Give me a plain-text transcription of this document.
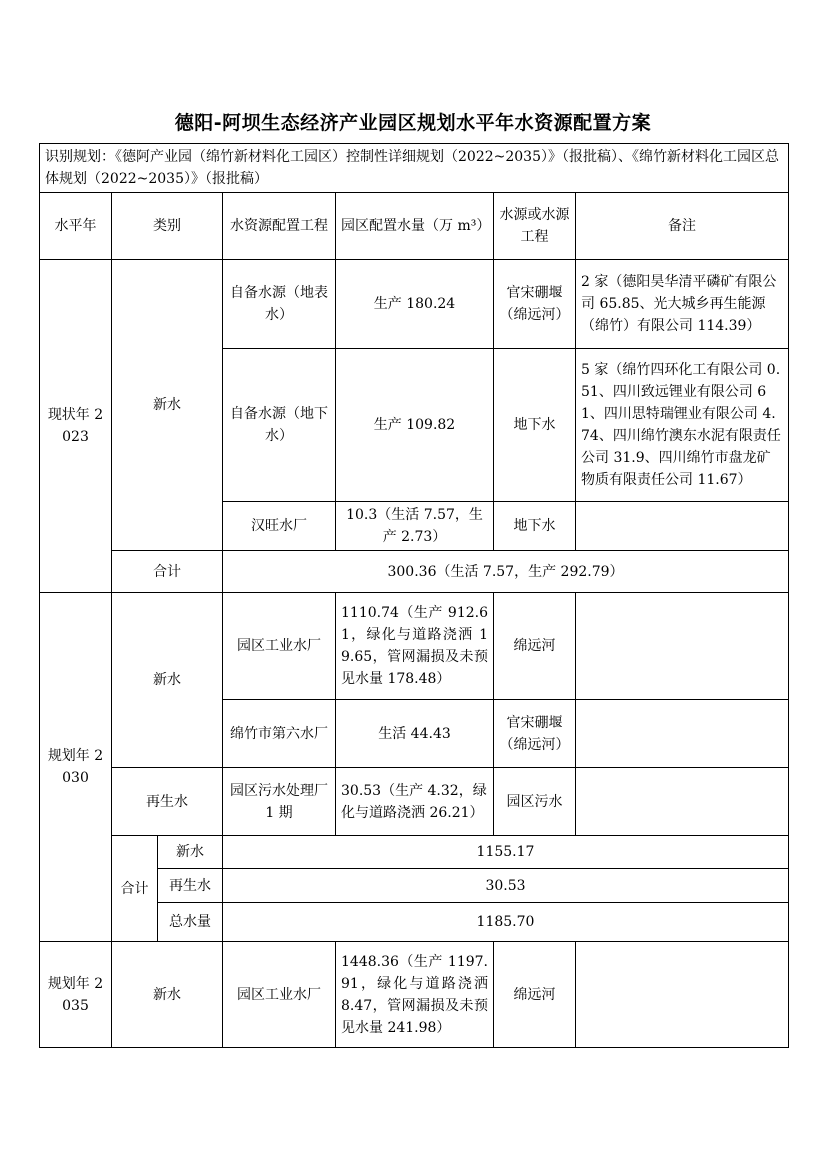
德阳-阿坝生态经济产业园区规划水平年水资源配置方案
识别规划：《德阿产业园（绵竹新材料化工园区）控制性详细规划（2022~2035）》（报批稿）、《绵竹新材料化工园区总体规划（2022~2035）》（报批稿）						
水平年	类别		水资源配置工程	园区配置水量（万 m³）	水源或水源工程	备注
现状年 2023	新水		自备水源（地表水）	生产 180.24	官宋硼堰（绵远河）	2 家（德阳昊华清平磷矿有限公司 65.85、光大城乡再生能源（绵竹）有限公司 114.39）
			自备水源（地下水）	生产 109.82	地下水	5 家（绵竹四环化工有限公司 0.51、四川致远锂业有限公司 61、四川思特瑞锂业有限公司 4.74、四川绵竹澳东水泥有限责任公司 31.9、四川绵竹市盘龙矿物质有限责任公司 11.67）
			汉旺水厂	10.3（生活 7.57，生产 2.73）	地下水	
	合计		300.36（生活 7.57，生产 292.79）			
规划年 2030	新水		园区工业水厂	1110.74（生产 912.61，绿化与道路浇洒 19.65，管网漏损及未预见水量 178.48）	绵远河	
			绵竹市第六水厂	生活 44.43	官宋硼堰（绵远河）	
	再生水		园区污水处理厂 1 期	30.53（生产 4.32，绿化与道路浇洒 26.21）	园区污水	
	合计	新水	1155.17			
		再生水	30.53			
		总水量	1185.70			
规划年 2035	新水		园区工业水厂	1448.36（生产 1197.91，绿化与道路浇洒 8.47，管网漏损及未预见水量 241.98）	绵远河	
